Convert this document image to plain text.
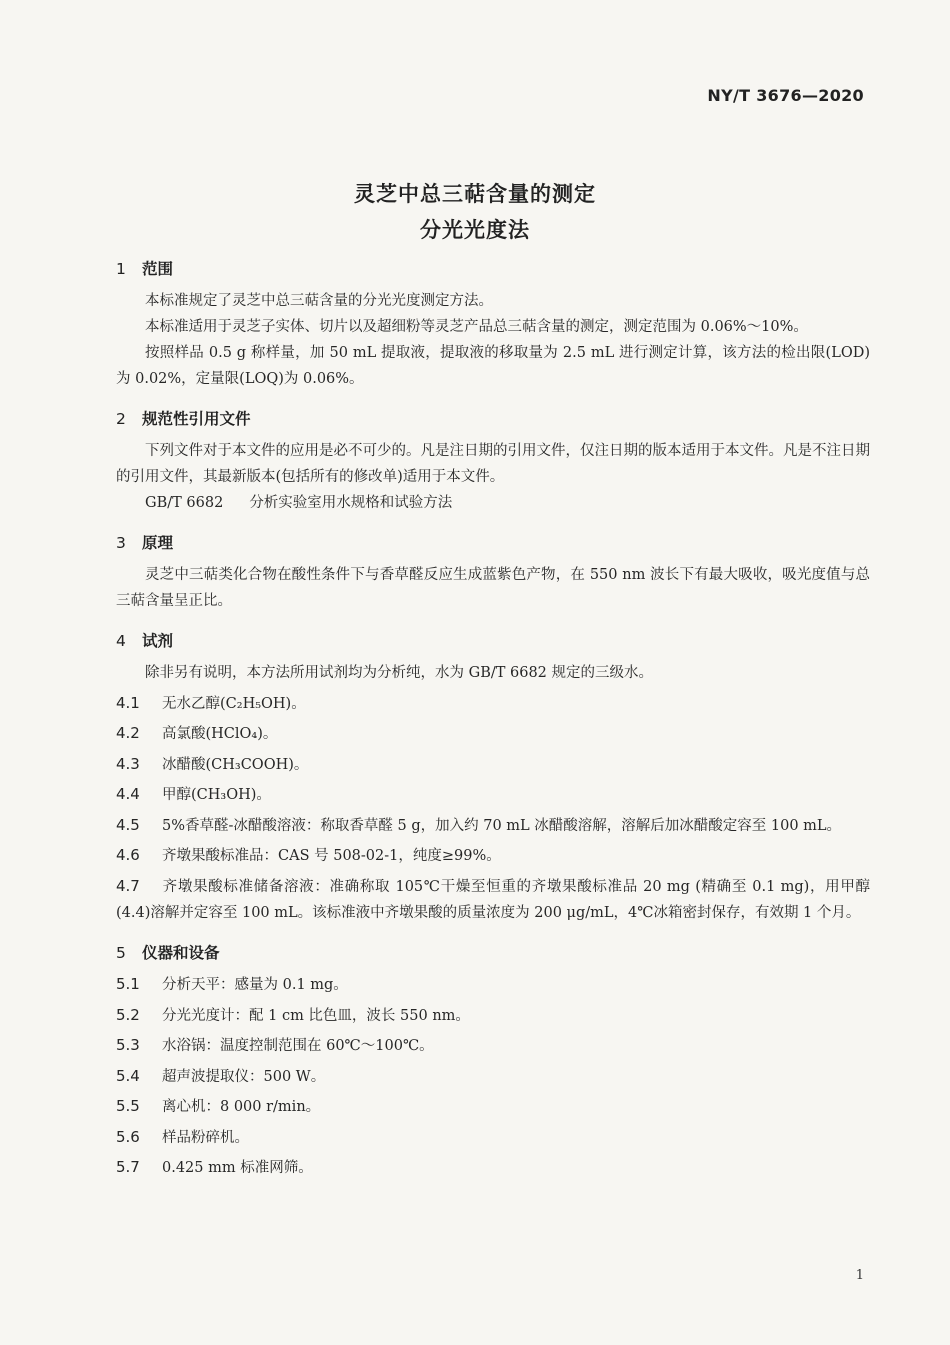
NY/T 3676—2020
灵芝中总三萜含量的测定
分光光度法
1 范围

本标准规定了灵芝中总三萜含量的分光光度测定方法。

本标准适用于灵芝子实体、切片以及超细粉等灵芝产品总三萜含量的测定，测定范围为 0.06%～10%。

按照样品 0.5 g 称样量，加 50 mL 提取液，提取液的移取量为 2.5 mL 进行测定计算，该方法的检出限(LOD)为 0.02%，定量限(LOQ)为 0.06%。

2 规范性引用文件

下列文件对于本文件的应用是必不可少的。凡是注日期的引用文件，仅注日期的版本适用于本文件。凡是不注日期的引用文件，其最新版本(包括所有的修改单)适用于本文件。

GB/T 6682 分析实验室用水规格和试验方法
3 原理

灵芝中三萜类化合物在酸性条件下与香草醛反应生成蓝紫色产物，在 550 nm 波长下有最大吸收，吸光度值与总三萜含量呈正比。

4 试剂

除非另有说明，本方法所用试剂均为分析纯，水为 GB/T 6682 规定的三级水。

4.1 无水乙醇(C₂H₅OH)。
4.2 高氯酸(HClO₄)。
4.3 冰醋酸(CH₃COOH)。
4.4 甲醇(CH₃OH)。
4.5 5%香草醛-冰醋酸溶液：称取香草醛 5 g，加入约 70 mL 冰醋酸溶解，溶解后加冰醋酸定容至 100 mL。
4.6 齐墩果酸标准品：CAS 号 508-02-1，纯度≥99%。
4.7 齐墩果酸标准储备溶液：准确称取 105℃干燥至恒重的齐墩果酸标准品 20 mg (精确至 0.1 mg)，用甲醇(4.4)溶解并定容至 100 mL。该标准液中齐墩果酸的质量浓度为 200 μg/mL，4℃冰箱密封保存，有效期 1 个月。
5 仪器和设备
5.1 分析天平：感量为 0.1 mg。
5.2 分光光度计：配 1 cm 比色皿，波长 550 nm。
5.3 水浴锅：温度控制范围在 60℃～100℃。
5.4 超声波提取仪：500 W。
5.5 离心机：8 000 r/min。
5.6 样品粉碎机。
5.7 0.425 mm 标准网筛。
1
